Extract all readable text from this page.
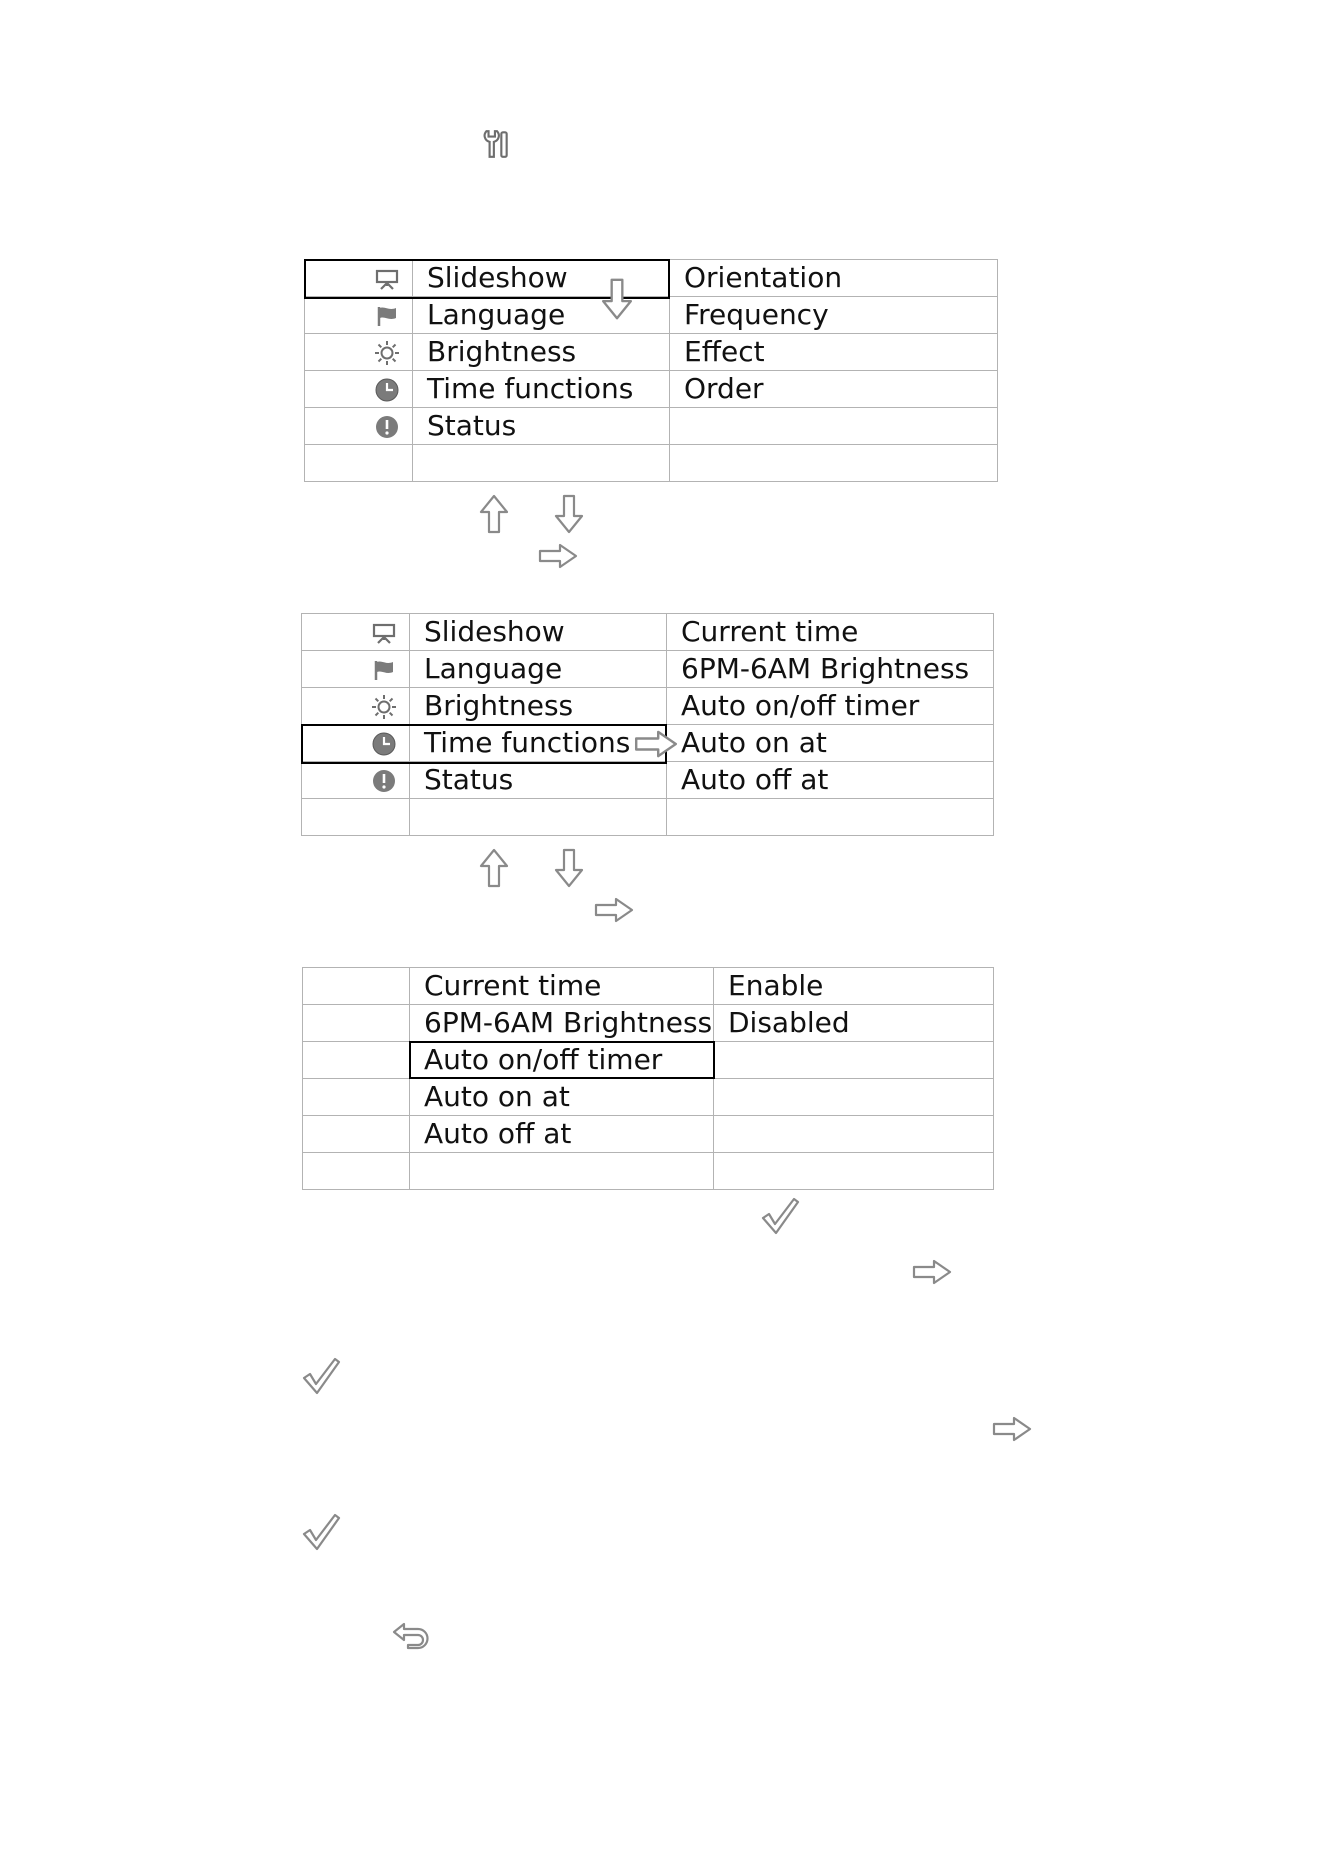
	Slideshow	Orientation

	Language	Frequency

	Brightness	Effect

	Time functions	Order

	Status	

	Slideshow	Current time

	Language	6PM-6AM Brightness

	Brightness	Auto on/off timer

	Time functions	Auto on at

	Status	Auto off at

	Current time	Enable
	6PM-6AM Brightness	Disabled
	Auto on/off timer	
	Auto on at	
	Auto off at	
